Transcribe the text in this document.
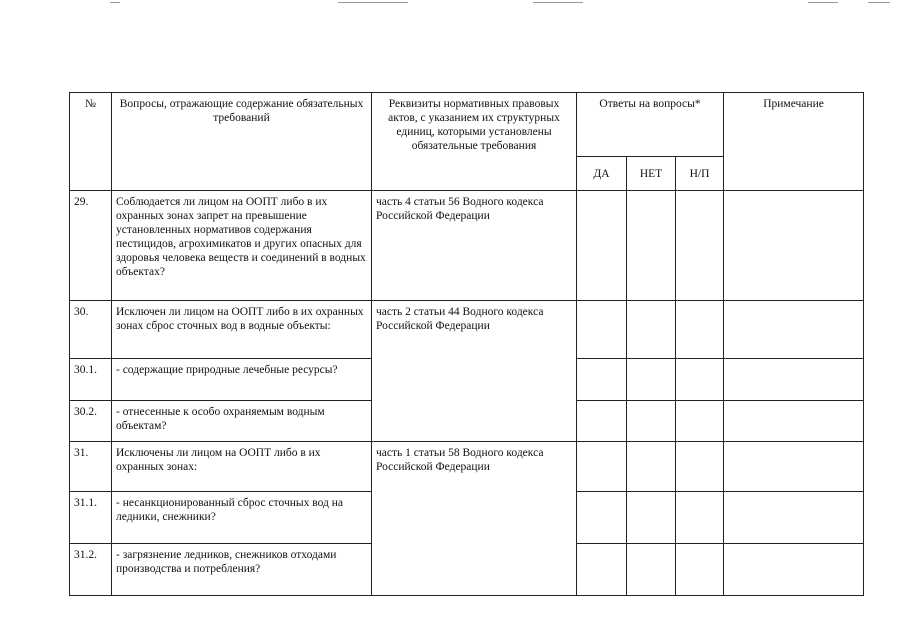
№	Вопросы, отражающие содержание обязательных требований	Реквизиты нормативных правовых актов, с указанием их структурных единиц, которыми установлены обязательные требования	Ответы на вопросы*			Примечание
			ДА	НЕТ	Н/П	
29.	Соблюдается ли лицом на ООПТ либо в их охранных зонах запрет на превышение установленных нормативов содержания пестицидов, агрохимикатов и других опасных для здоровья человека веществ и соединений в водных объектах?	часть 4 статьи 56 Водного кодекса Российской Федерации				
30.	Исключен ли лицом на ООПТ либо в их охранных зонах сброс сточных вод в водные объекты:	часть 2 статьи 44 Водного кодекса Российской Федерации				
30.1.	- содержащие природные лечебные ресурсы?					
30.2.	- отнесенные к особо охраняемым водным объектам?					
31.	Исключены ли лицом на ООПТ либо в их охранных зонах:	часть 1 статьи 58 Водного кодекса Российской Федерации				
31.1.	- несанкционированный сброс сточных вод на ледники, снежники?					
31.2.	- загрязнение ледников, снежников отходами производства и потребления?					
